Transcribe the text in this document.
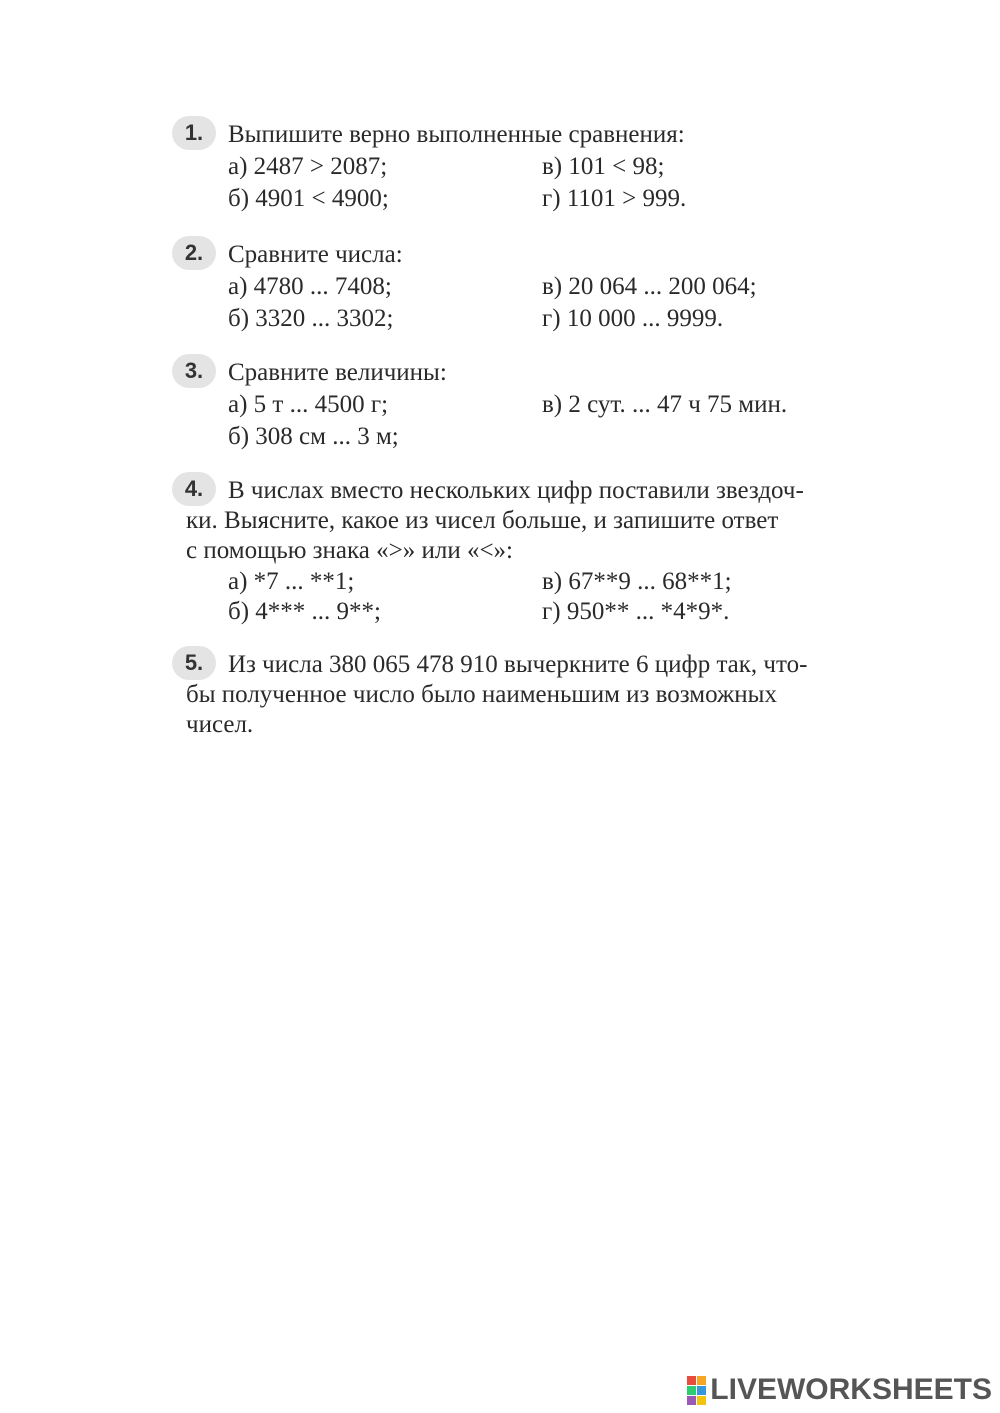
1. Выпишите верно выполненные сравнения:
а) 2487 > 2087;	в) 101 < 98;
б) 4901 < 4900;	г) 1101 > 999.
2. Сравните числа:
а) 4780 ... 7408;	в) 20 064 ... 200 064;
б) 3320 ... 3302;	г) 10 000 ... 9999.
3. Сравните величины:
а) 5 т ... 4500 г;	в) 2 сут. ... 47 ч 75 мин.
б) 308 см ... 3 м;
4. В числах вместо нескольких цифр поставили звездоч-
ки. Выясните, какое из чисел больше, и запишите ответ
с помощью знака «>» или «<»:
а) *7 ... **1;	в) 67**9 ... 68**1;
б) 4*** ... 9**;	г) 950** ... *4*9*.
5. Из числа 380 065 478 910 вычеркните 6 цифр так, что-
бы полученное число было наименьшим из возможных
чисел.
LIVEWORKSHEETS
